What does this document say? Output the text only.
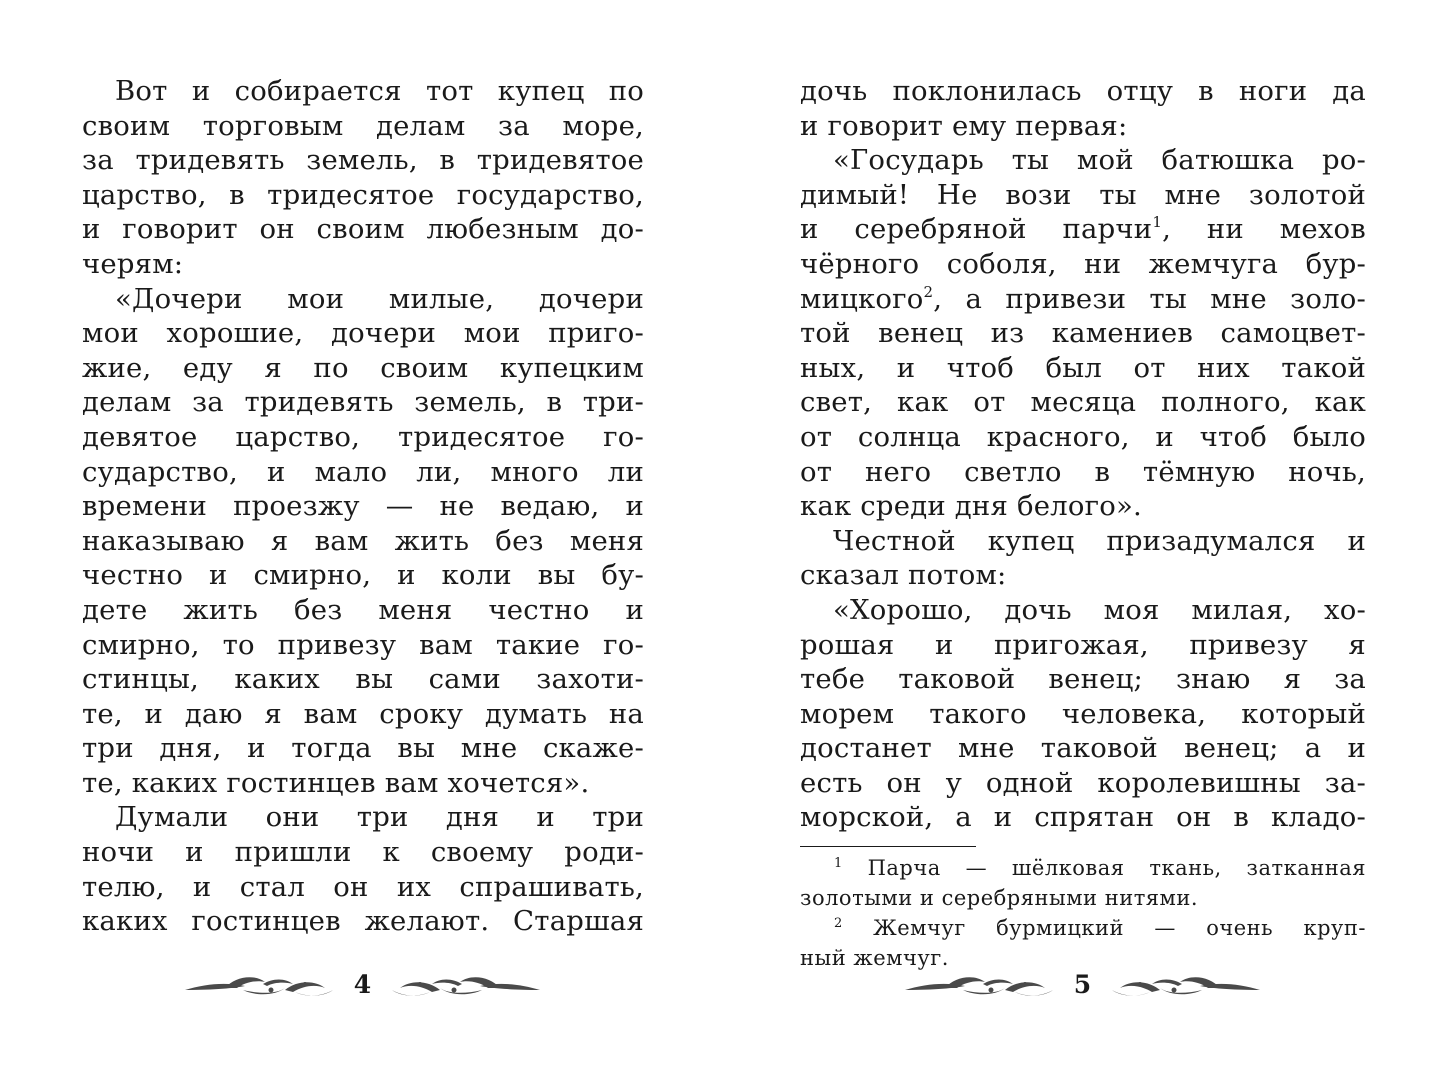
Вот и собирается тот купец по
своим торговым делам за море,
за тридевять земель, в тридевятое
царство, в тридесятое государство,
и говорит он своим любезным до-
черям:
«Дочери мои милые, дочери
мои хорошие, дочери мои приго-
жие, еду я по своим купецким
делам за тридевять земель, в три-
девятое царство, тридесятое го-
сударство, и мало ли, много ли
времени проезжу — не ведаю, и
наказываю я вам жить без меня
честно и смирно, и коли вы бу-
дете жить без меня честно и
смирно, то привезу вам такие го-
стинцы, каких вы сами захоти-
те, и даю я вам сроку думать на
три дня, и тогда вы мне скаже-
те, каких гостинцев вам хочется».
Думали они три дня и три
ночи и пришли к своему роди-
телю, и стал он их спрашивать,
каких гостинцев желают. Старшая
4
дочь поклонилась отцу в ноги да
и говорит ему первая:
«Государь ты мой батюшка ро-
димый! Не вози ты мне золотой
и серебряной парчи$^1$, ни мехов
чёрного соболя, ни жемчуга бур-
мицкого$^2$, а привези ты мне золо-
той венец из камениев самоцвет-
ных, и чтоб был от них такой
свет, как от месяца полного, как
от солнца красного, и чтоб было
от него светло в тёмную ночь,
как среди дня белого».
Честной купец призадумался и
сказал потом:
«Хорошо, дочь моя милая, хо-
рошая и пригожая, привезу я
тебе таковой венец; знаю я за
морем такого человека, который
достанет мне таковой венец; а и
есть он у одной королевишны за-
морской, а и спрятан он в кладо-
$^1$ Парча — шёлковая ткань, затканная
золотыми и серебряными нитями.
$^2$ Жемчуг бурмицкий — очень круп-
ный жемчуг.
5
